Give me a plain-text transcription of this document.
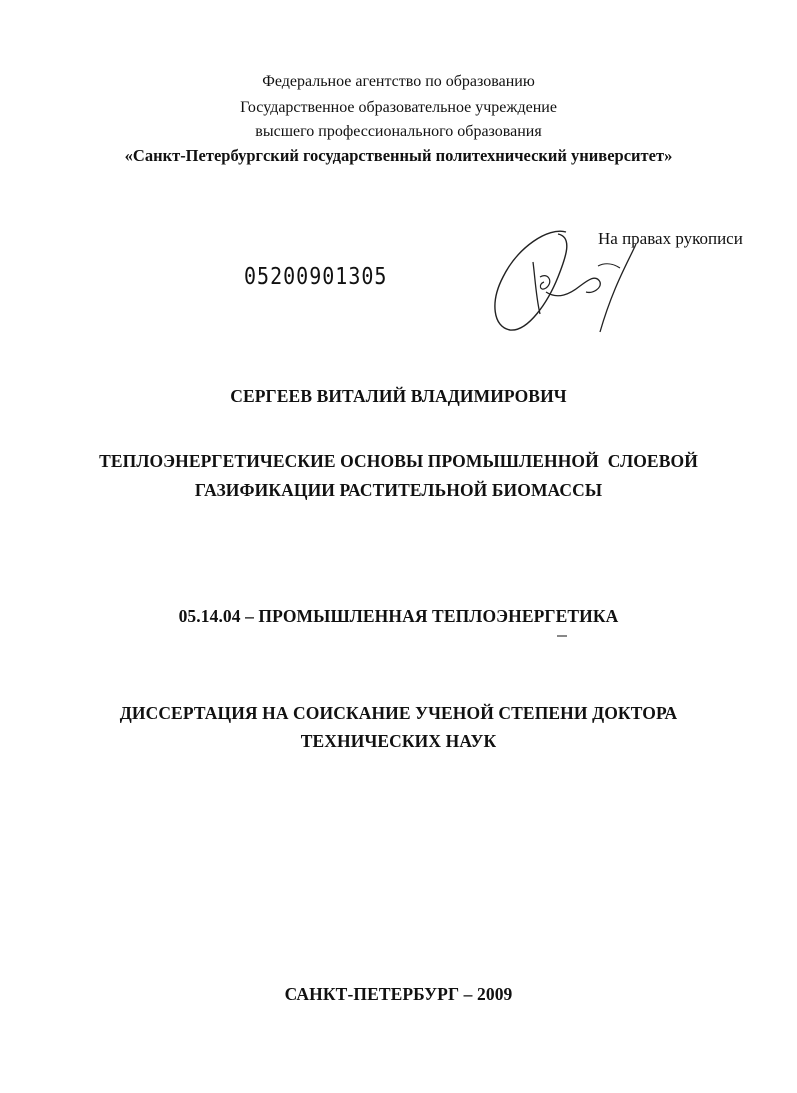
Федеральное агентство по образованию
Государственное образовательное учреждение
высшего профессионального образования
«Санкт-Петербургский государственный политехнический университет»
На правах рукописи
05200901305
СЕРГЕЕВ ВИТАЛИЙ ВЛАДИМИРОВИЧ
ТЕПЛОЭНЕРГЕТИЧЕСКИЕ ОСНОВЫ ПРОМЫШЛЕННОЙ  СЛОЕВОЙ
ГАЗИФИКАЦИИ РАСТИТЕЛЬНОЙ БИОМАССЫ
05.14.04 – ПРОМЫШЛЕННАЯ ТЕПЛОЭНЕРГЕТИКА
ДИССЕРТАЦИЯ НА СОИСКАНИЕ УЧЕНОЙ СТЕПЕНИ ДОКТОРА
ТЕХНИЧЕСКИХ НАУК
САНКТ-ПЕТЕРБУРГ – 2009
